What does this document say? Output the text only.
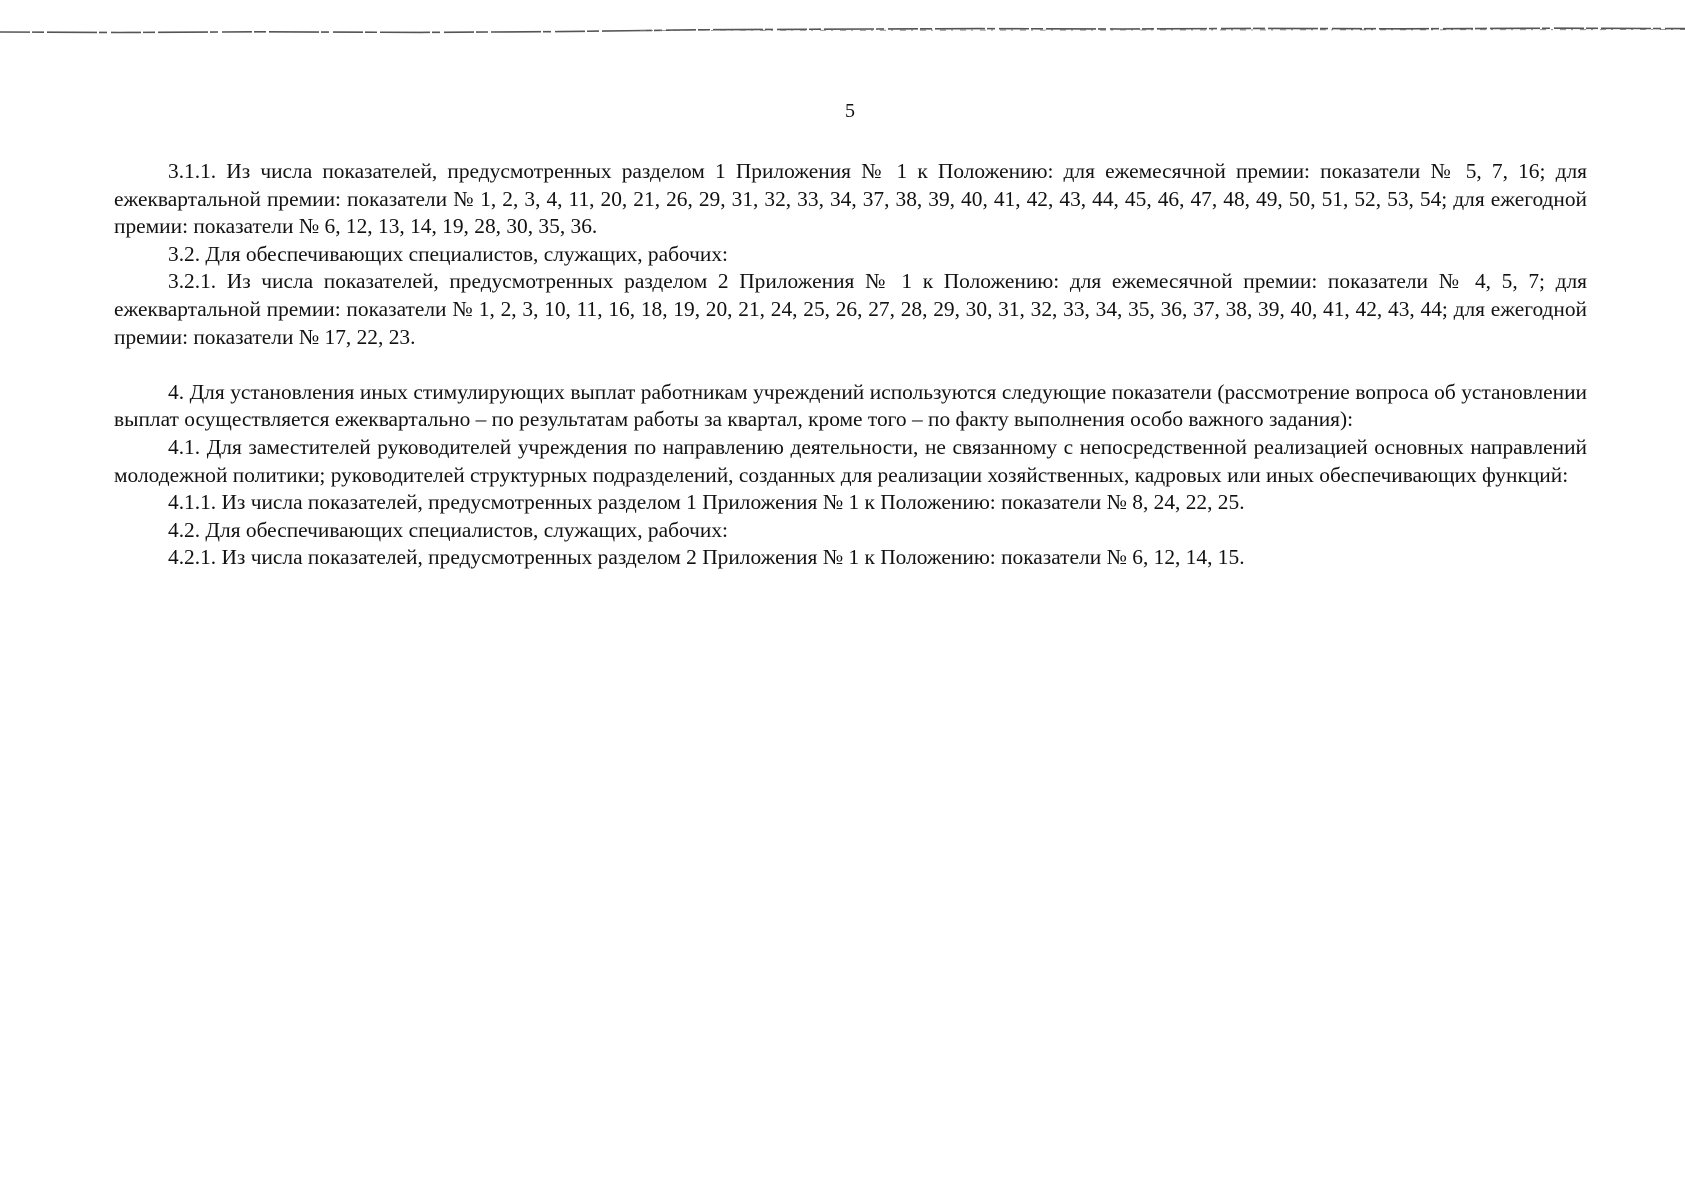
5

3.1.1. Из числа показателей, предусмотренных разделом 1 Приложения № 1 к Положению: для ежемесячной премии: показатели № 5, 7, 16; для ежеквартальной премии: показатели № 1, 2, 3, 4, 11, 20, 21, 26, 29, 31, 32, 33, 34, 37, 38, 39, 40, 41, 42, 43, 44, 45, 46, 47, 48, 49, 50, 51, 52, 53, 54; для ежегодной премии: показатели № 6, 12, 13, 14, 19, 28, 30, 35, 36.

3.2. Для обеспечивающих специалистов, служащих, рабочих:

3.2.1. Из числа показателей, предусмотренных разделом 2 Приложения № 1 к Положению: для ежемесячной премии: показатели № 4, 5, 7; для ежеквартальной премии: показатели № 1, 2, 3, 10, 11, 16, 18, 19, 20, 21, 24, 25, 26, 27, 28, 29, 30, 31, 32, 33, 34, 35, 36, 37, 38, 39, 40, 41, 42, 43, 44; для ежегодной премии: показатели № 17, 22, 23.

4. Для установления иных стимулирующих выплат работникам учреждений используются следующие показатели (рассмотрение вопроса об установлении выплат осуществляется ежеквартально – по результатам работы за квартал, кроме того – по факту выполнения особо важного задания):

4.1. Для заместителей руководителей учреждения по направлению деятельности, не связанному с непосредственной реализацией основных направлений молодежной политики; руководителей структурных подразделений, созданных для реализации хозяйственных, кадровых или иных обеспечивающих функций:

4.1.1. Из числа показателей, предусмотренных разделом 1 Приложения № 1 к Положению: показатели № 8, 24, 22, 25.

4.2. Для обеспечивающих специалистов, служащих, рабочих:

4.2.1. Из числа показателей, предусмотренных разделом 2 Приложения № 1 к Положению: показатели № 6, 12, 14, 15.
